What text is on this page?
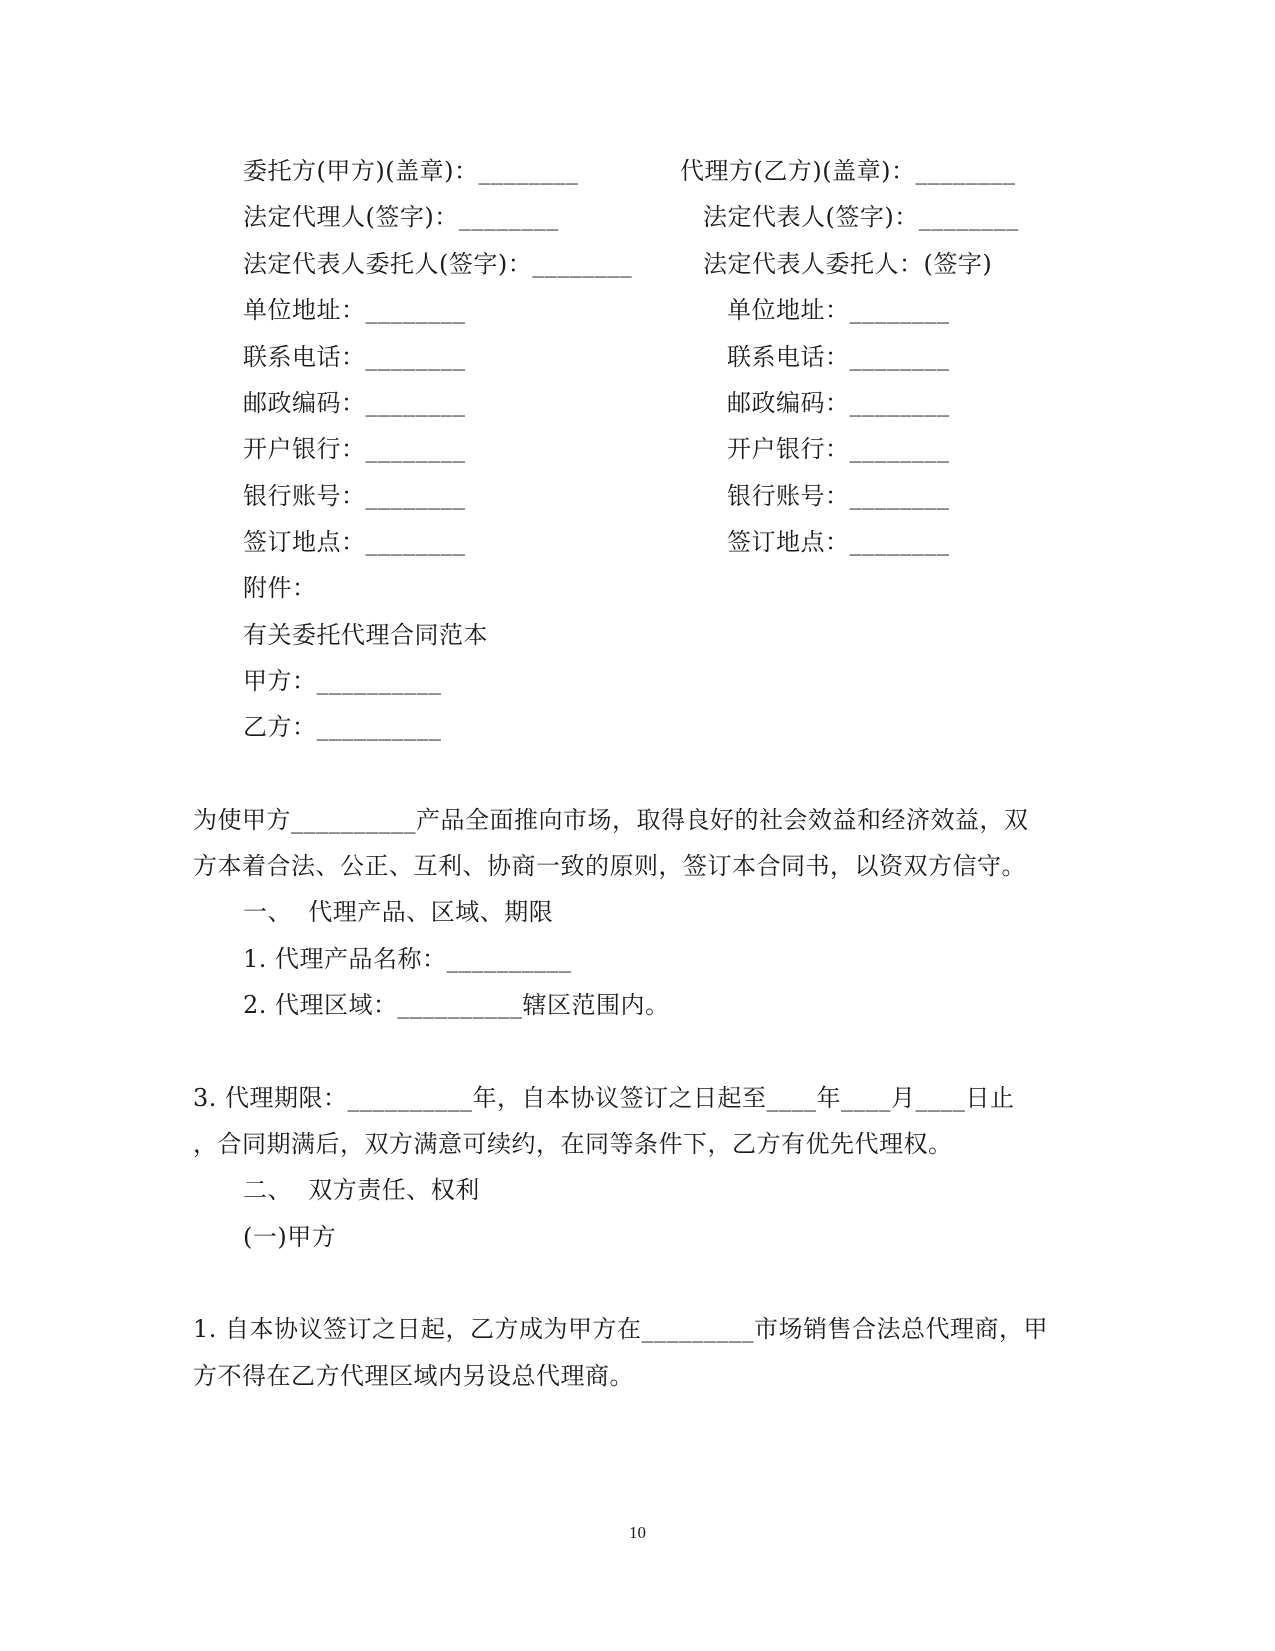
委托方(甲方)(盖章)：________	代理方(乙方)(盖章)：________
法定代理人(签字)：________	法定代表人(签字)：________
法定代表人委托人(签字)：________	法定代表人委托人：(签字)
单位地址：________	单位地址：________
联系电话：________	联系电话：________
邮政编码：________	邮政编码：________
开户银行：________	开户银行：________
银行账号：________	银行账号：________
签订地点：________	签订地点：________
附件：
有关委托代理合同范本
甲方：__________
乙方：__________
为使甲方__________产品全面推向市场，取得良好的社会效益和经济效益，双
方本着合法、公正、互利、协商一致的原则，签订本合同书，以资双方信守。
一、  代理产品、区域、期限
1. 代理产品名称：__________
2. 代理区域：__________辖区范围内。
3. 代理期限：__________年，自本协议签订之日起至____年____月____日止
，合同期满后，双方满意可续约，在同等条件下，乙方有优先代理权。
二、  双方责任、权利
(一)甲方
1. 自本协议签订之日起，乙方成为甲方在_________市场销售合法总代理商，甲
方不得在乙方代理区域内另设总代理商。
10
